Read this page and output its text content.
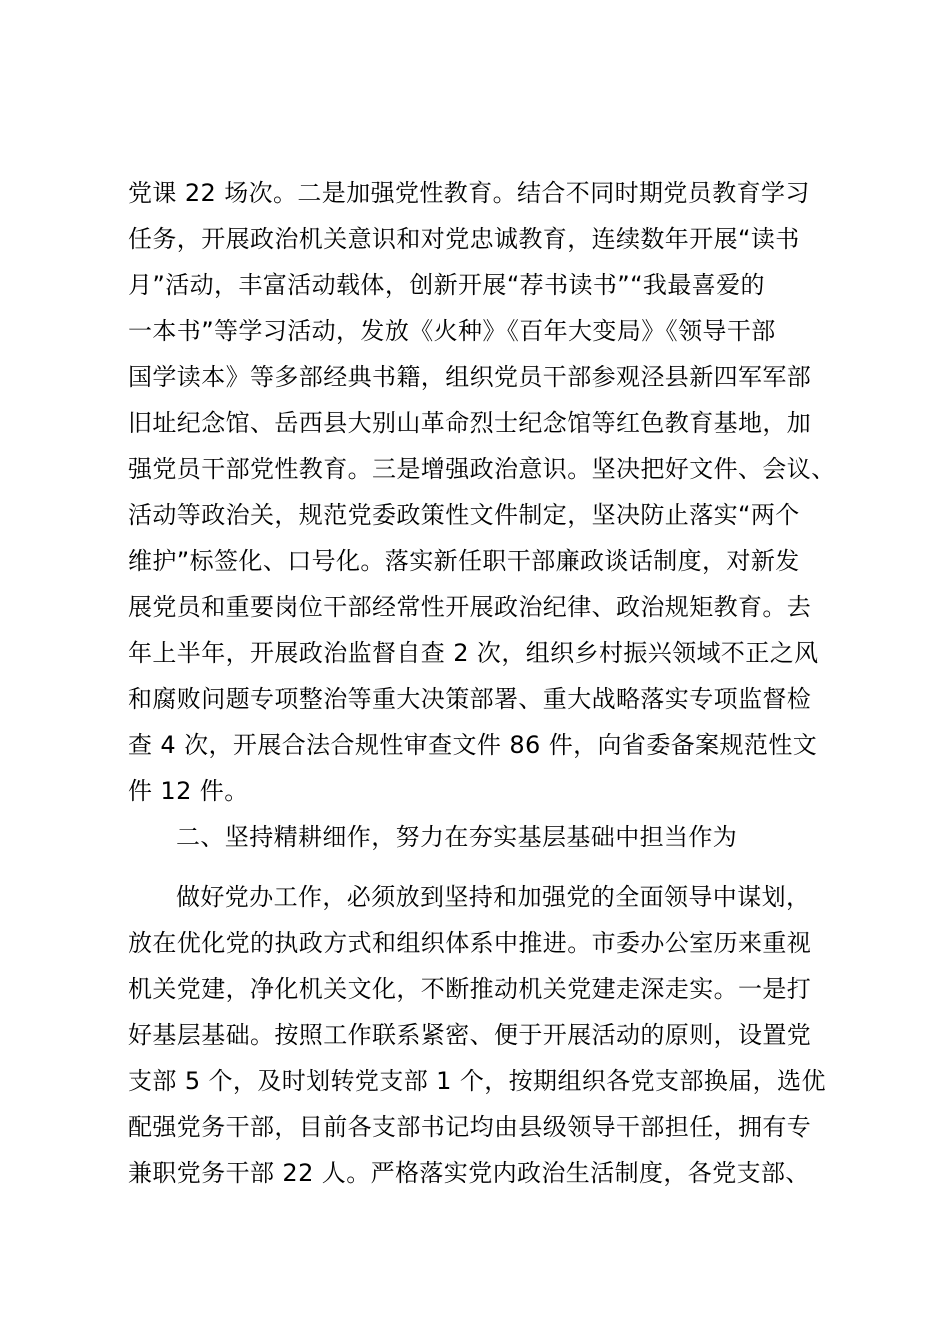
党课 22 场次。二是加强党性教育。结合不同时期党员教育学习
任务，开展政治机关意识和对党忠诚教育，连续数年开展“读书
月”活动，丰富活动载体，创新开展“荐书读书”“我最喜爱的
一本书”等学习活动，发放《火种》《百年大变局》《领导干部
国学读本》等多部经典书籍，组织党员干部参观泾县新四军军部
旧址纪念馆、岳西县大别山革命烈士纪念馆等红色教育基地，加
强党员干部党性教育。三是增强政治意识。坚决把好文件、会议、
活动等政治关，规范党委政策性文件制定，坚决防止落实“两个
维护”标签化、口号化。落实新任职干部廉政谈话制度，对新发
展党员和重要岗位干部经常性开展政治纪律、政治规矩教育。去
年上半年，开展政治监督自查 2 次，组织乡村振兴领域不正之风
和腐败问题专项整治等重大决策部署、重大战略落实专项监督检
查 4 次，开展合法合规性审查文件 86 件，向省委备案规范性文
件 12 件。
二、坚持精耕细作，努力在夯实基层基础中担当作为
做好党办工作，必须放到坚持和加强党的全面领导中谋划，
放在优化党的执政方式和组织体系中推进。市委办公室历来重视
机关党建，净化机关文化，不断推动机关党建走深走实。一是打
好基层基础。按照工作联系紧密、便于开展活动的原则，设置党
支部 5 个，及时划转党支部 1 个，按期组织各党支部换届，选优
配强党务干部，目前各支部书记均由县级领导干部担任，拥有专
兼职党务干部 22 人。严格落实党内政治生活制度，各党支部、
